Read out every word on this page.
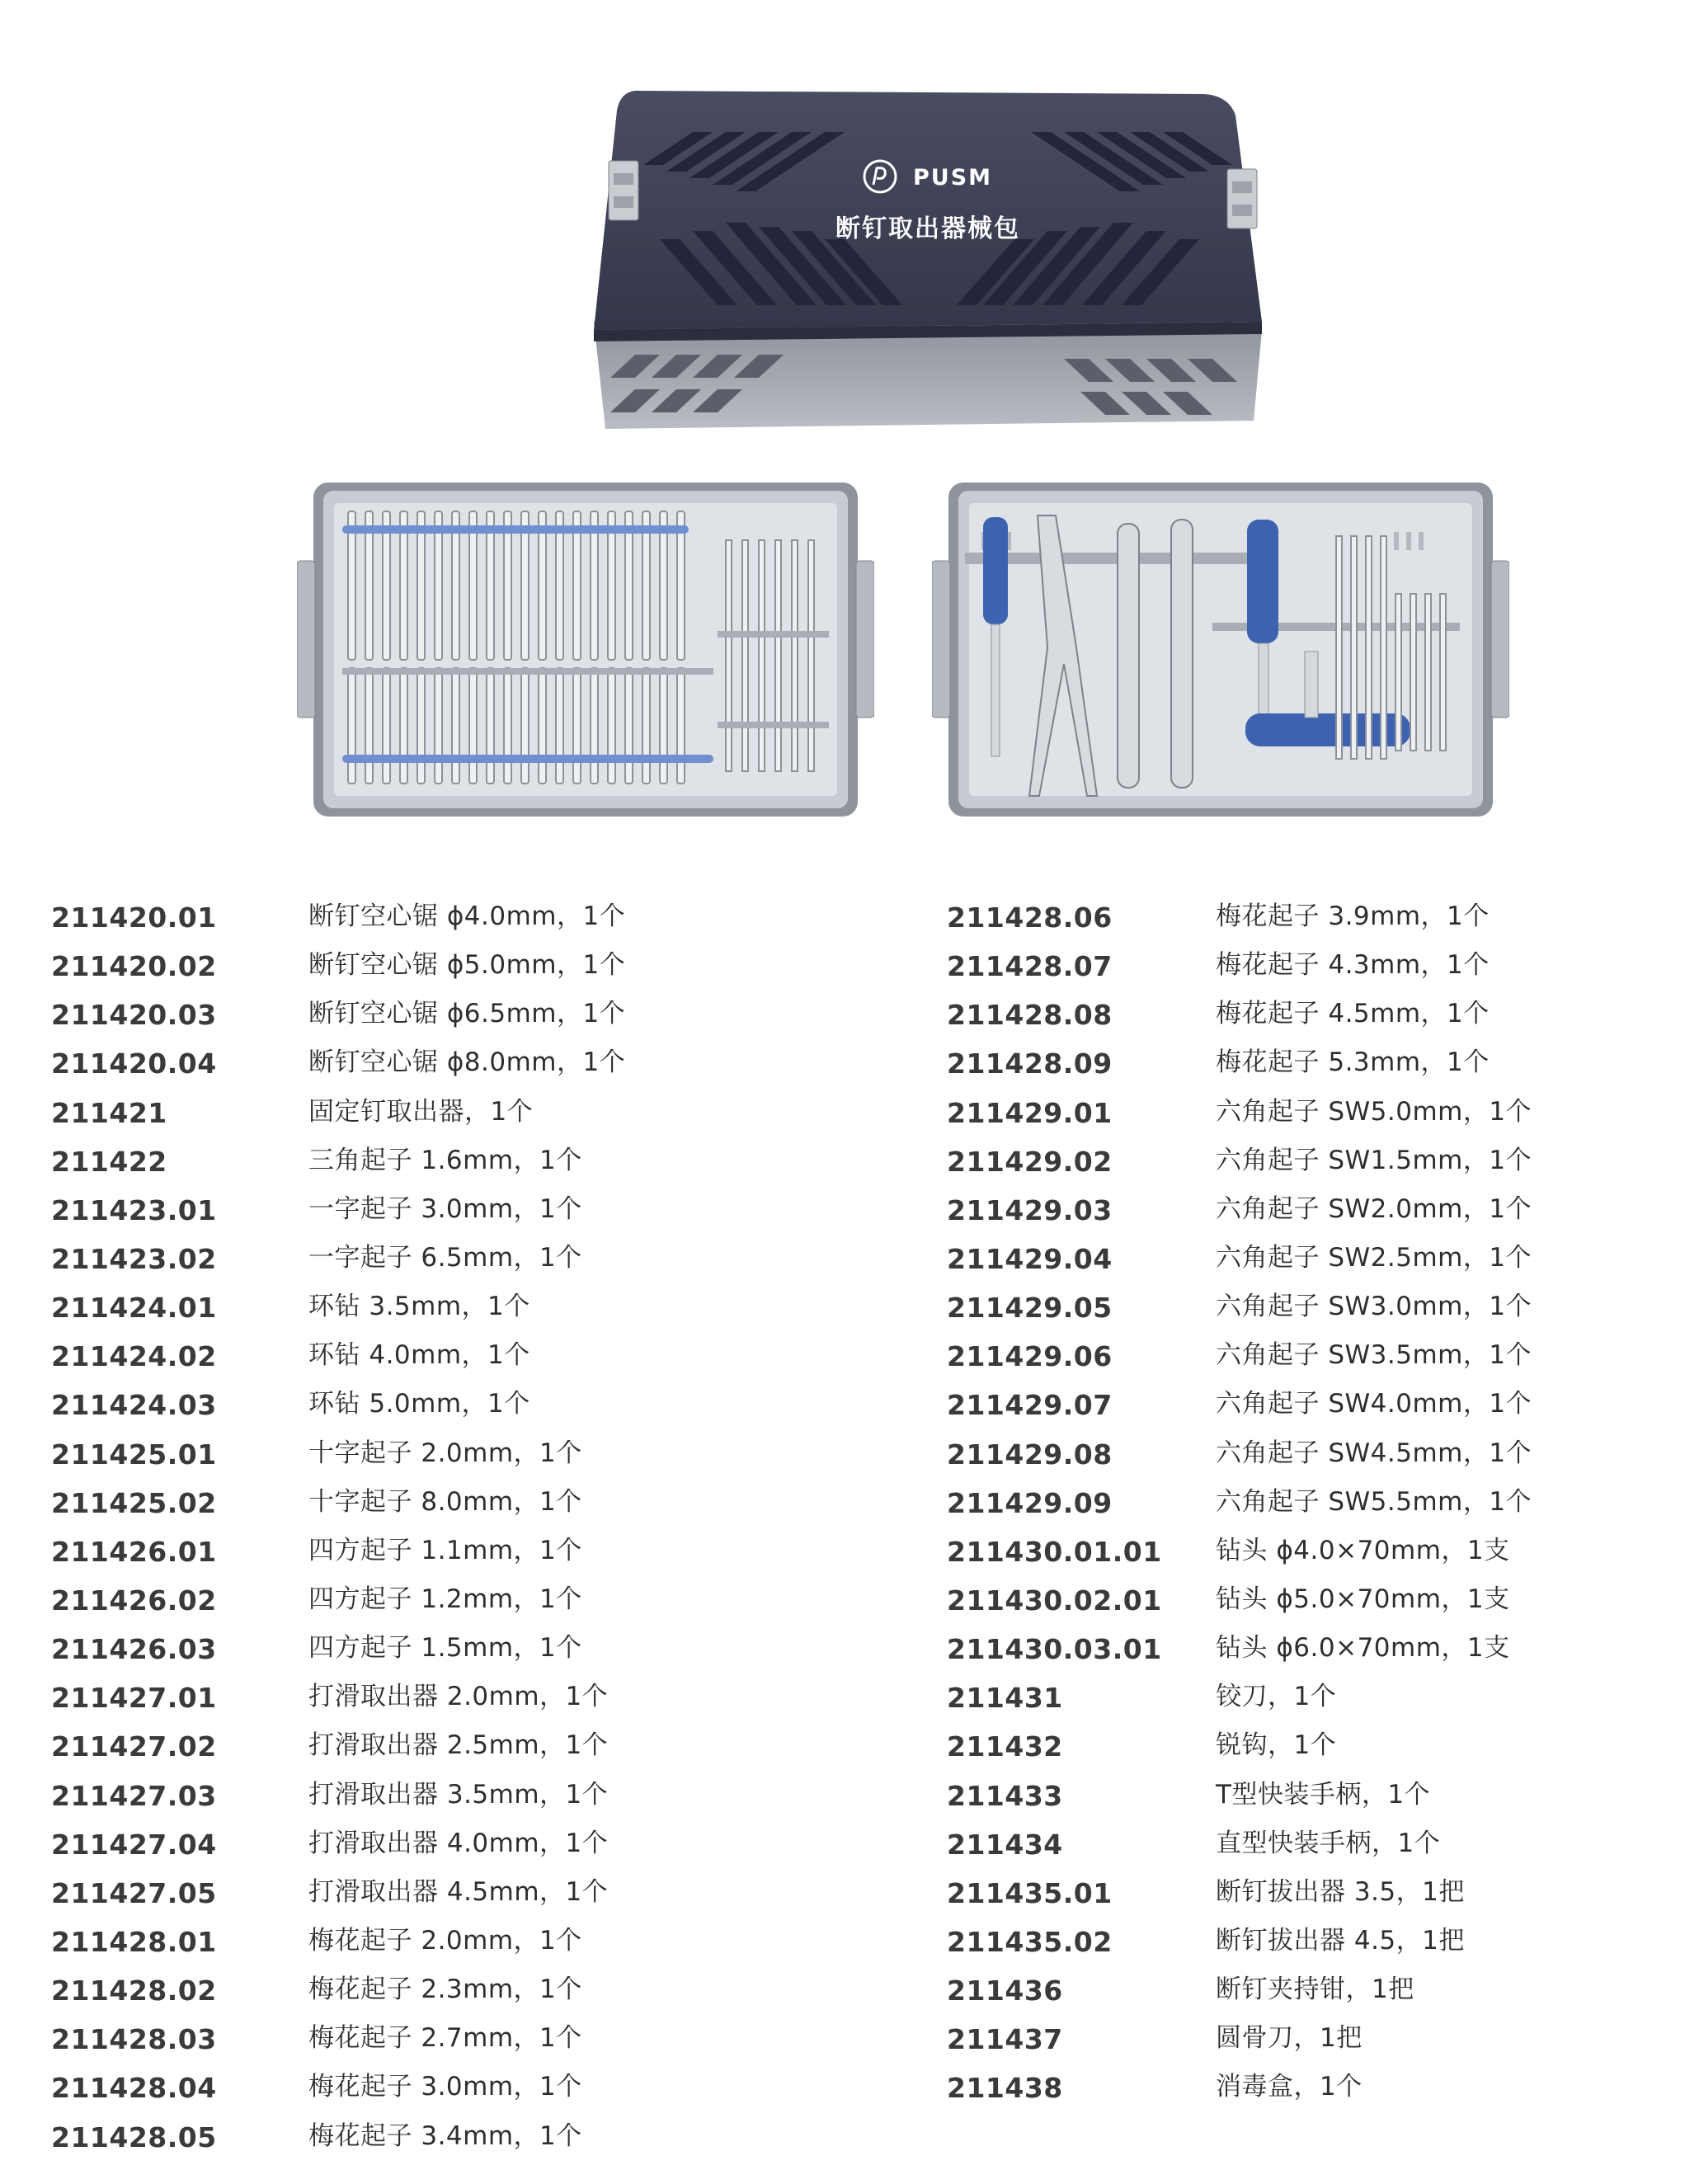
PUSM
断钉取出器械包
211420.01	断钉空心锯 ϕ4.0mm，1个
211420.02	断钉空心锯 ϕ5.0mm，1个
211420.03	断钉空心锯 ϕ6.5mm，1个
211420.04	断钉空心锯 ϕ8.0mm，1个
211421	固定钉取出器，1个
211422	三角起子 1.6mm，1个
211423.01	一字起子 3.0mm，1个
211423.02	一字起子 6.5mm，1个
211424.01	环钻 3.5mm，1个
211424.02	环钻 4.0mm，1个
211424.03	环钻 5.0mm，1个
211425.01	十字起子 2.0mm，1个
211425.02	十字起子 8.0mm，1个
211426.01	四方起子 1.1mm，1个
211426.02	四方起子 1.2mm，1个
211426.03	四方起子 1.5mm，1个
211427.01	打滑取出器 2.0mm，1个
211427.02	打滑取出器 2.5mm，1个
211427.03	打滑取出器 3.5mm，1个
211427.04	打滑取出器 4.0mm，1个
211427.05	打滑取出器 4.5mm，1个
211428.01	梅花起子 2.0mm，1个
211428.02	梅花起子 2.3mm，1个
211428.03	梅花起子 2.7mm，1个
211428.04	梅花起子 3.0mm，1个
211428.05	梅花起子 3.4mm，1个
211428.06	梅花起子 3.9mm，1个
211428.07	梅花起子 4.3mm，1个
211428.08	梅花起子 4.5mm，1个
211428.09	梅花起子 5.3mm，1个
211429.01	六角起子 SW5.0mm，1个
211429.02	六角起子 SW1.5mm，1个
211429.03	六角起子 SW2.0mm，1个
211429.04	六角起子 SW2.5mm，1个
211429.05	六角起子 SW3.0mm，1个
211429.06	六角起子 SW3.5mm，1个
211429.07	六角起子 SW4.0mm，1个
211429.08	六角起子 SW4.5mm，1个
211429.09	六角起子 SW5.5mm，1个
211430.01.01 钻头 ϕ4.0×70mm，1支
211430.02.01 钻头 ϕ5.0×70mm，1支
211430.03.01 钻头 ϕ6.0×70mm，1支
211431	铰刀，1个
211432	锐钩，1个
211433	T型快装手柄，1个
211434	直型快装手柄，1个
211435.01	断钉拔出器 3.5，1把
211435.02	断钉拔出器 4.5，1把
211436	断钉夹持钳，1把
211437	圆骨刀，1把
211438	消毒盒，1个
